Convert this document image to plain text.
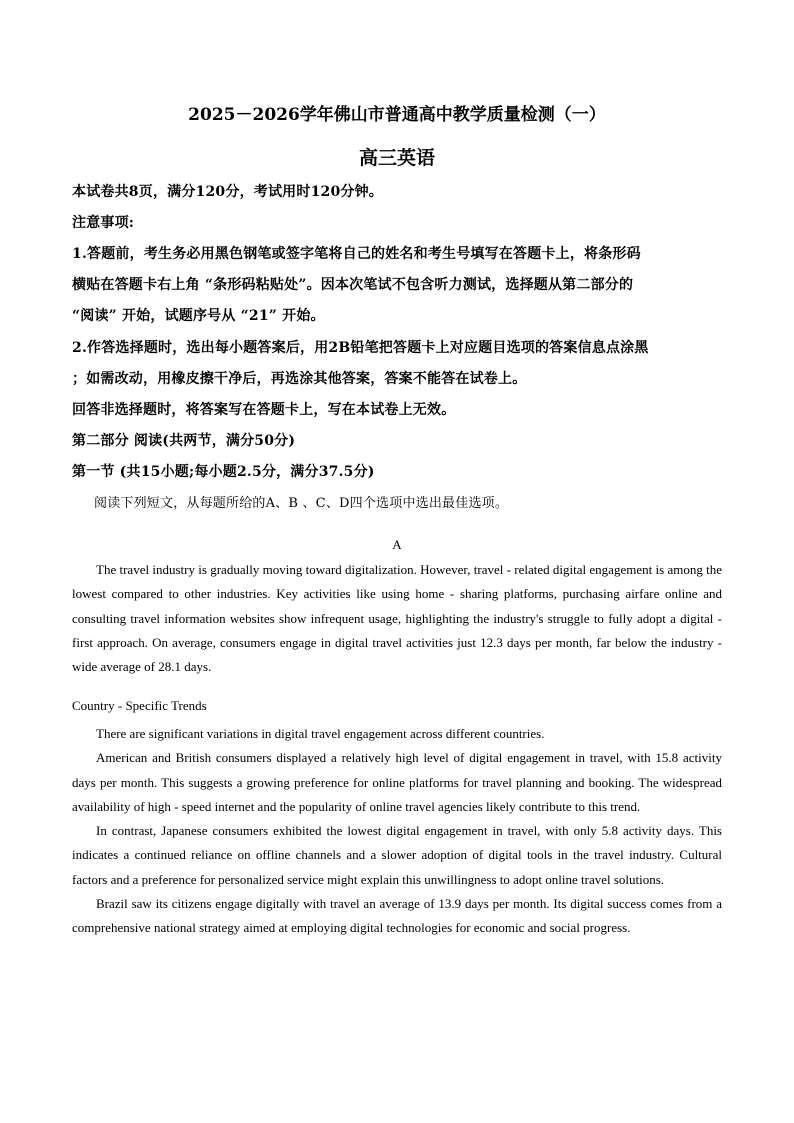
2025－2026学年佛山市普通高中教学质量检测（一）
高三英语
本试卷共8页，满分120分，考试用时120分钟。
注意事项:
1.答题前，考生务必用黑色钢笔或签字笔将自己的姓名和考生号填写在答题卡上，将条形码
横贴在答题卡右上角 “条形码粘贴处”。因本次笔试不包含听力测试，选择题从第二部分的
“阅读” 开始，试题序号从 “21” 开始。
2.作答选择题时，选出每小题答案后，用2B铅笔把答题卡上对应题目选项的答案信息点涂黑
；如需改动，用橡皮擦干净后，再选涂其他答案，答案不能答在试卷上。
回答非选择题时，将答案写在答题卡上，写在本试卷上无效。
第二部分 阅读(共两节，满分50分)
第一节 (共15小题;每小题2.5分，满分37.5分)
阅读下列短文，从每题所给的A、B 、C、D四个选项中选出最佳选项。
A

The travel industry is gradually moving toward digitalization. However, travel - related digital engagement is among the lowest compared to other industries. Key activities like using home - sharing platforms, purchasing airfare online and consulting travel information websites show infrequent usage, highlighting the industry's struggle to fully adopt a digital - first approach. On average, consumers engage in digital travel activities just 12.3 days per month, far below the industry - wide average of 28.1 days.

Country - Specific Trends

There are significant variations in digital travel engagement across different countries.

American and British consumers displayed a relatively high level of digital engagement in travel, with 15.8 activity days per month. This suggests a growing preference for online platforms for travel planning and booking. The widespread availability of high - speed internet and the popularity of online travel agencies likely contribute to this trend.

In contrast, Japanese consumers exhibited the lowest digital engagement in travel, with only 5.8 activity days. This indicates a continued reliance on offline channels and a slower adoption of digital tools in the travel industry. Cultural factors and a preference for personalized service might explain this unwillingness to adopt online travel solutions.

Brazil saw its citizens engage digitally with travel an average of 13.9 days per month. Its digital success comes from a comprehensive national strategy aimed at employing digital technologies for economic and social progress.
